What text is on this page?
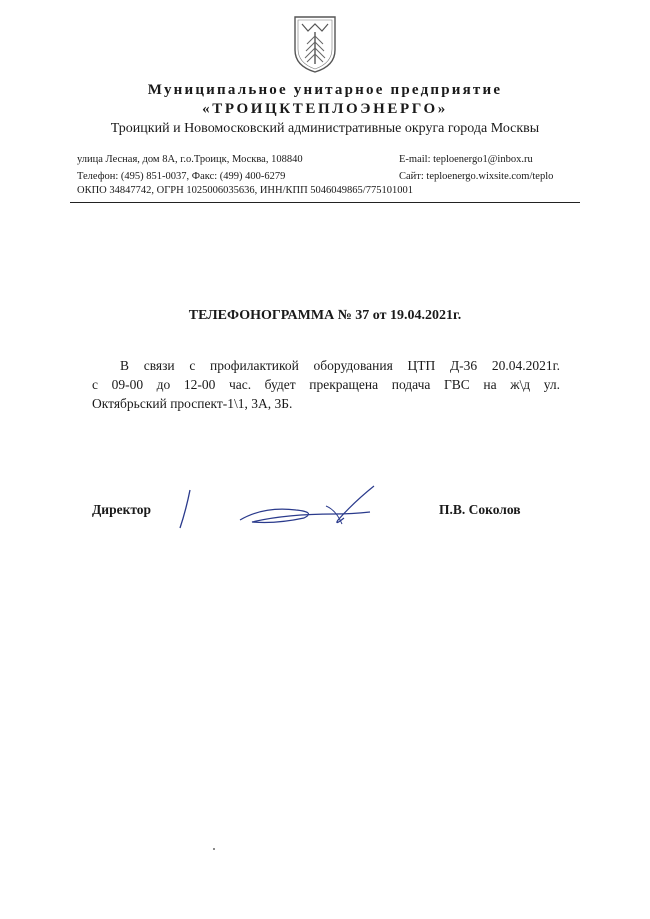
Муниципальное унитарное предприятие
«ТРОИЦКТЕПЛОЭНЕРГО»
Троицкий и Новомосковский административные округа города Москвы
улица Лесная, дом 8А, г.о.Троицк, Москва, 108840
Телефон: (495) 851-0037, Факс: (499) 400-6279
E-mail: teploenergo1@inbox.ru
Сайт: teploenergo.wixsite.com/teplo
ОКПО 34847742, ОГРН 1025006035636, ИНН/КПП 5046049865/775101001
ТЕЛЕФОНОГРАММА № 37 от 19.04.2021г.
В связи с профилактикой оборудования ЦТП Д-36 20.04.2021г.
с 09-00 до 12-00 час. будет прекращена подача ГВС на ж\д ул.
Октябрьский проспект-1\1, 3А, 3Б.
Директор	П.В. Соколов
